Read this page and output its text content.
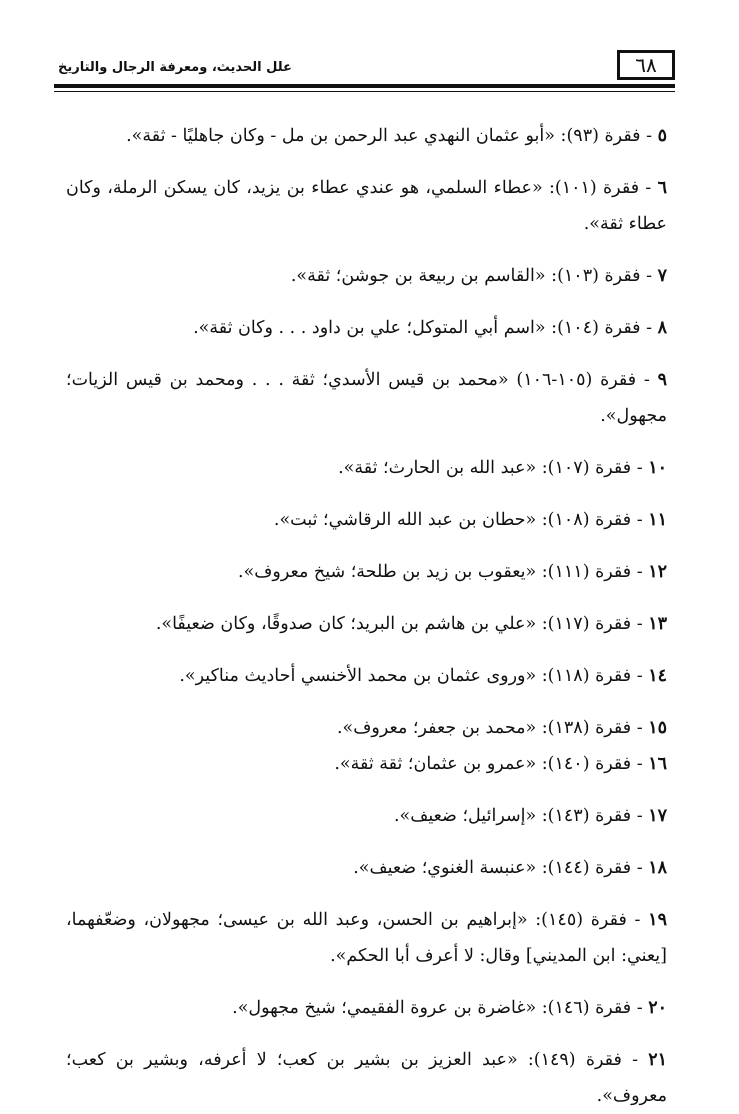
٦٨
علل الحديث، ومعرفة الرجال والتاريخ

٥ - فقرة (٩٣): «أبو عثمان النهدي عبد الرحمن بن مل - وكان جاهليًا - ثقة».

٦ - فقرة (١٠١): «عطاء السلمي، هو عندي عطاء بن يزيد، كان يسكن الرملة، وكان عطاء ثقة».

٧ - فقرة (١٠٣): «القاسم بن ربيعة بن جوشن؛ ثقة».

٨ - فقرة (١٠٤): «اسم أبي المتوكل؛ علي بن داود . . . وكان ثقة».

٩ - فقرة (١٠٥-١٠٦) «محمد بن قيس الأسدي؛ ثقة . . . ومحمد بن قيس الزيات؛ مجهول».

١٠ - فقرة (١٠٧): «عبد الله بن الحارث؛ ثقة».

١١ - فقرة (١٠٨): «حطان بن عبد الله الرقاشي؛ ثبت».

١٢ - فقرة (١١١): «يعقوب بن زيد بن طلحة؛ شيخ معروف».

١٣ - فقرة (١١٧): «علي بن هاشم بن البريد؛ كان صدوقًا، وكان ضعيفًا».

١٤ - فقرة (١١٨): «وروى عثمان بن محمد الأخنسي أحاديث مناكير».

١٥ - فقرة (١٣٨): «محمد بن جعفر؛ معروف».

١٦ - فقرة (١٤٠): «عمرو بن عثمان؛ ثقة ثقة».

١٧ - فقرة (١٤٣): «إسرائيل؛ ضعيف».

١٨ - فقرة (١٤٤): «عنبسة الغنوي؛ ضعيف».

١٩ - فقرة (١٤٥): «إبراهيم بن الحسن، وعبد الله بن عيسى؛ مجهولان، وضعّفهما، [يعني: ابن المديني] وقال: لا أعرف أبا الحكم».

٢٠ - فقرة (١٤٦): «غاضرة بن عروة الفقيمي؛ شيخ مجهول».

٢١ - فقرة (١٤٩): «عبد العزيز بن بشير بن كعب؛ لا أعرفه، وبشير بن كعب؛ معروف».
